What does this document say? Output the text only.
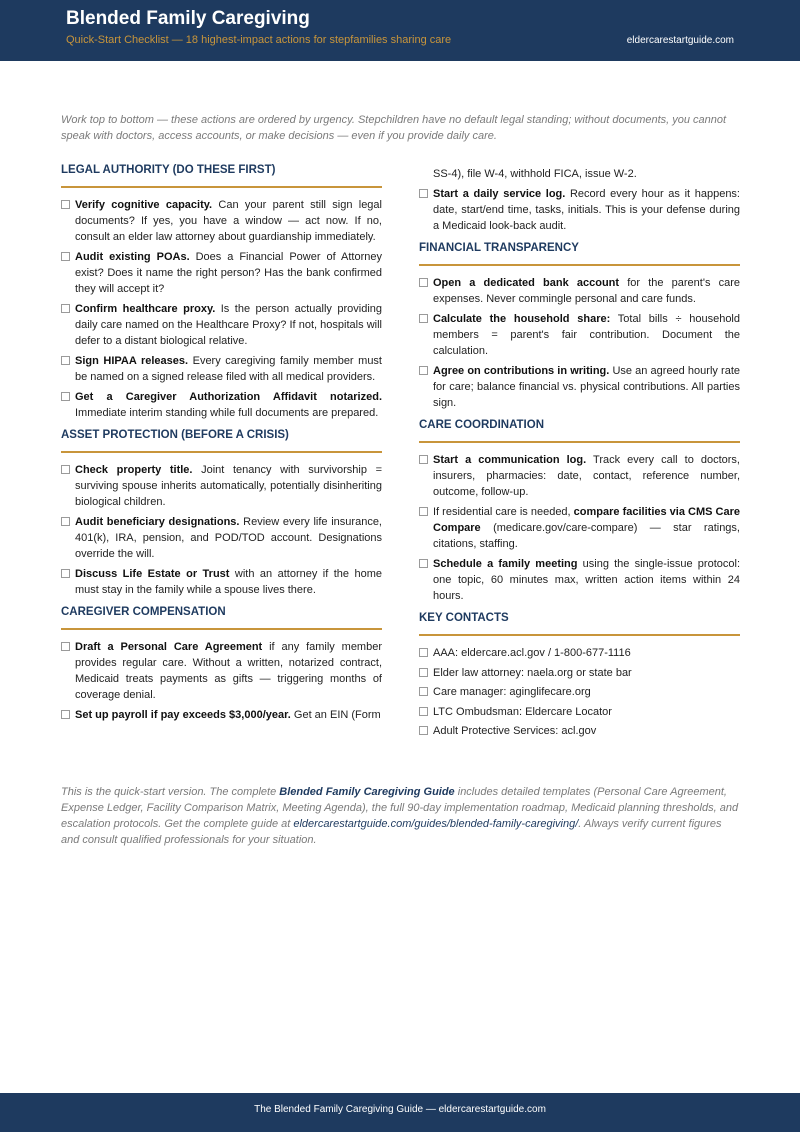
Blended Family Caregiving
Quick-Start Checklist — 18 highest-impact actions for stepfamilies sharing care	eldercarestartguide.com
Work top to bottom — these actions are ordered by urgency. Stepchildren have no default legal standing; without documents, you cannot speak with doctors, access accounts, or make decisions — even if you provide daily care.
LEGAL AUTHORITY (DO THESE FIRST)
Verify cognitive capacity. Can your parent still sign legal documents? If yes, you have a window — act now. If no, consult an elder law attorney about guardianship immediately.
Audit existing POAs. Does a Financial Power of Attorney exist? Does it name the right person? Has the bank confirmed they will accept it?
Confirm healthcare proxy. Is the person actually providing daily care named on the Healthcare Proxy? If not, hospitals will defer to a distant biological relative.
Sign HIPAA releases. Every caregiving family member must be named on a signed release filed with all medical providers.
Get a Caregiver Authorization Affidavit notarized. Immediate interim standing while full documents are prepared.
ASSET PROTECTION (BEFORE A CRISIS)
Check property title. Joint tenancy with survivorship = surviving spouse inherits automatically, potentially disinheriting biological children.
Audit beneficiary designations. Review every life insurance, 401(k), IRA, pension, and POD/TOD account. Designations override the will.
Discuss Life Estate or Trust with an attorney if the home must stay in the family while a spouse lives there.
CAREGIVER COMPENSATION
Draft a Personal Care Agreement if any family member provides regular care. Without a written, notarized contract, Medicaid treats payments as gifts — triggering months of coverage denial.
Set up payroll if pay exceeds $3,000/year. Get an EIN (Form
SS-4), file W-4, withhold FICA, issue W-2.
Start a daily service log. Record every hour as it happens: date, start/end time, tasks, initials. This is your defense during a Medicaid look-back audit.
FINANCIAL TRANSPARENCY
Open a dedicated bank account for the parent's care expenses. Never commingle personal and care funds.
Calculate the household share: Total bills ÷ household members = parent's fair contribution. Document the calculation.
Agree on contributions in writing. Use an agreed hourly rate for care; balance financial vs. physical contributions. All parties sign.
CARE COORDINATION
Start a communication log. Track every call to doctors, insurers, pharmacies: date, contact, reference number, outcome, follow-up.
If residential care is needed, compare facilities via CMS Care Compare (medicare.gov/care-compare) — star ratings, citations, staffing.
Schedule a family meeting using the single-issue protocol: one topic, 60 minutes max, written action items within 24 hours.
KEY CONTACTS
AAA: eldercare.acl.gov / 1-800-677-1116
Elder law attorney: naela.org or state bar
Care manager: aginglifecare.org
LTC Ombudsman: Eldercare Locator
Adult Protective Services: acl.gov
This is the quick-start version. The complete Blended Family Caregiving Guide includes detailed templates (Personal Care Agreement, Expense Ledger, Facility Comparison Matrix, Meeting Agenda), the full 90-day implementation roadmap, Medicaid planning thresholds, and escalation protocols. Get the complete guide at eldercarestartguide.com/guides/blended-family-caregiving/. Always verify current figures and consult qualified professionals for your situation.
The Blended Family Caregiving Guide — eldercarestartguide.com
